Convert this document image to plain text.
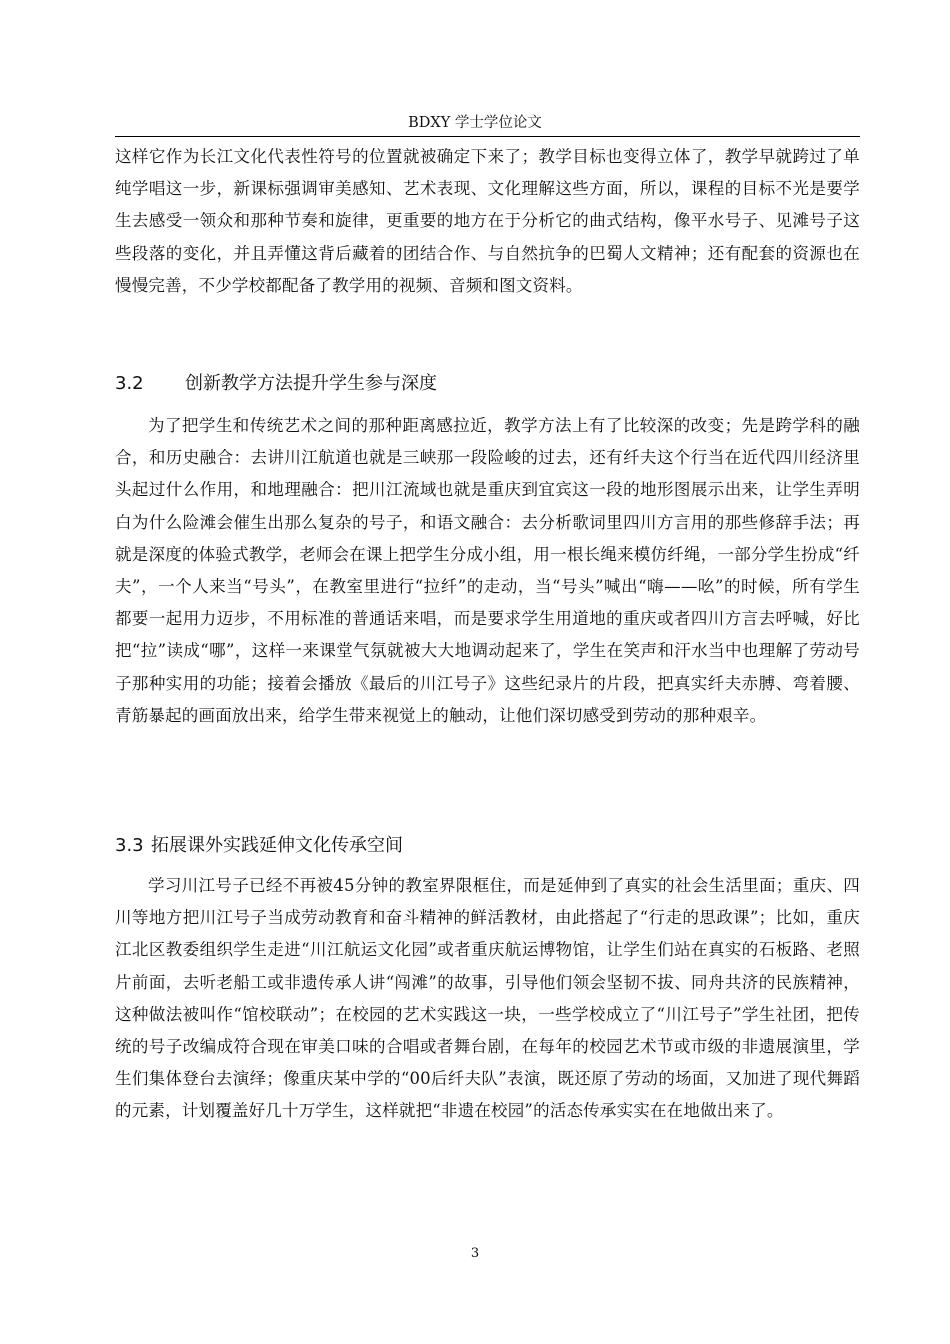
BDXY 学士学位论文

这样它作为长江文化代表性符号的位置就被确定下来了；教学目标也变得立体了，教学早就跨过了单纯学唱这一步，新课标强调审美感知、艺术表现、文化理解这些方面，所以，课程的目标不光是要学生去感受一领众和那种节奏和旋律，更重要的地方在于分析它的曲式结构，像平水号子、见滩号子这些段落的变化，并且弄懂这背后藏着的团结合作、与自然抗争的巴蜀人文精神；还有配套的资源也在慢慢完善，不少学校都配备了教学用的视频、音频和图文资料。

3.2 创新教学方法提升学生参与深度

为了把学生和传统艺术之间的那种距离感拉近，教学方法上有了比较深的改变；先是跨学科的融合，和历史融合：去讲川江航道也就是三峡那一段险峻的过去，还有纤夫这个行当在近代四川经济里头起过什么作用，和地理融合：把川江流域也就是重庆到宜宾这一段的地形图展示出来，让学生弄明白为什么险滩会催生出那么复杂的号子，和语文融合：去分析歌词里四川方言用的那些修辞手法；再就是深度的体验式教学，老师会在课上把学生分成小组，用一根长绳来模仿纤绳，一部分学生扮成“纤夫”，一个人来当“号头”，在教室里进行“拉纤”的走动，当“号头”喊出“嗨——吆”的时候，所有学生都要一起用力迈步，不用标准的普通话来唱，而是要求学生用道地的重庆或者四川方言去呼喊，好比把“拉”读成“哪”，这样一来课堂气氛就被大大地调动起来了，学生在笑声和汗水当中也理解了劳动号子那种实用的功能；接着会播放《最后的川江号子》这些纪录片的片段，把真实纤夫赤膊、弯着腰、青筋暴起的画面放出来，给学生带来视觉上的触动，让他们深切感受到劳动的那种艰辛。

3.3 拓展课外实践延伸文化传承空间

学习川江号子已经不再被45分钟的教室界限框住，而是延伸到了真实的社会生活里面；重庆、四川等地方把川江号子当成劳动教育和奋斗精神的鲜活教材，由此搭起了“行走的思政课”；比如，重庆江北区教委组织学生走进“川江航运文化园”或者重庆航运博物馆，让学生们站在真实的石板路、老照片前面，去听老船工或非遗传承人讲“闯滩”的故事，引导他们领会坚韧不拔、同舟共济的民族精神，这种做法被叫作“馆校联动”；在校园的艺术实践这一块，一些学校成立了“川江号子”学生社团，把传统的号子改编成符合现在审美口味的合唱或者舞台剧，在每年的校园艺术节或市级的非遗展演里，学生们集体登台去演绎；像重庆某中学的“00后纤夫队”表演，既还原了劳动的场面，又加进了现代舞蹈的元素，计划覆盖好几十万学生，这样就把“非遗在校园”的活态传承实实在在地做出来了。

3
